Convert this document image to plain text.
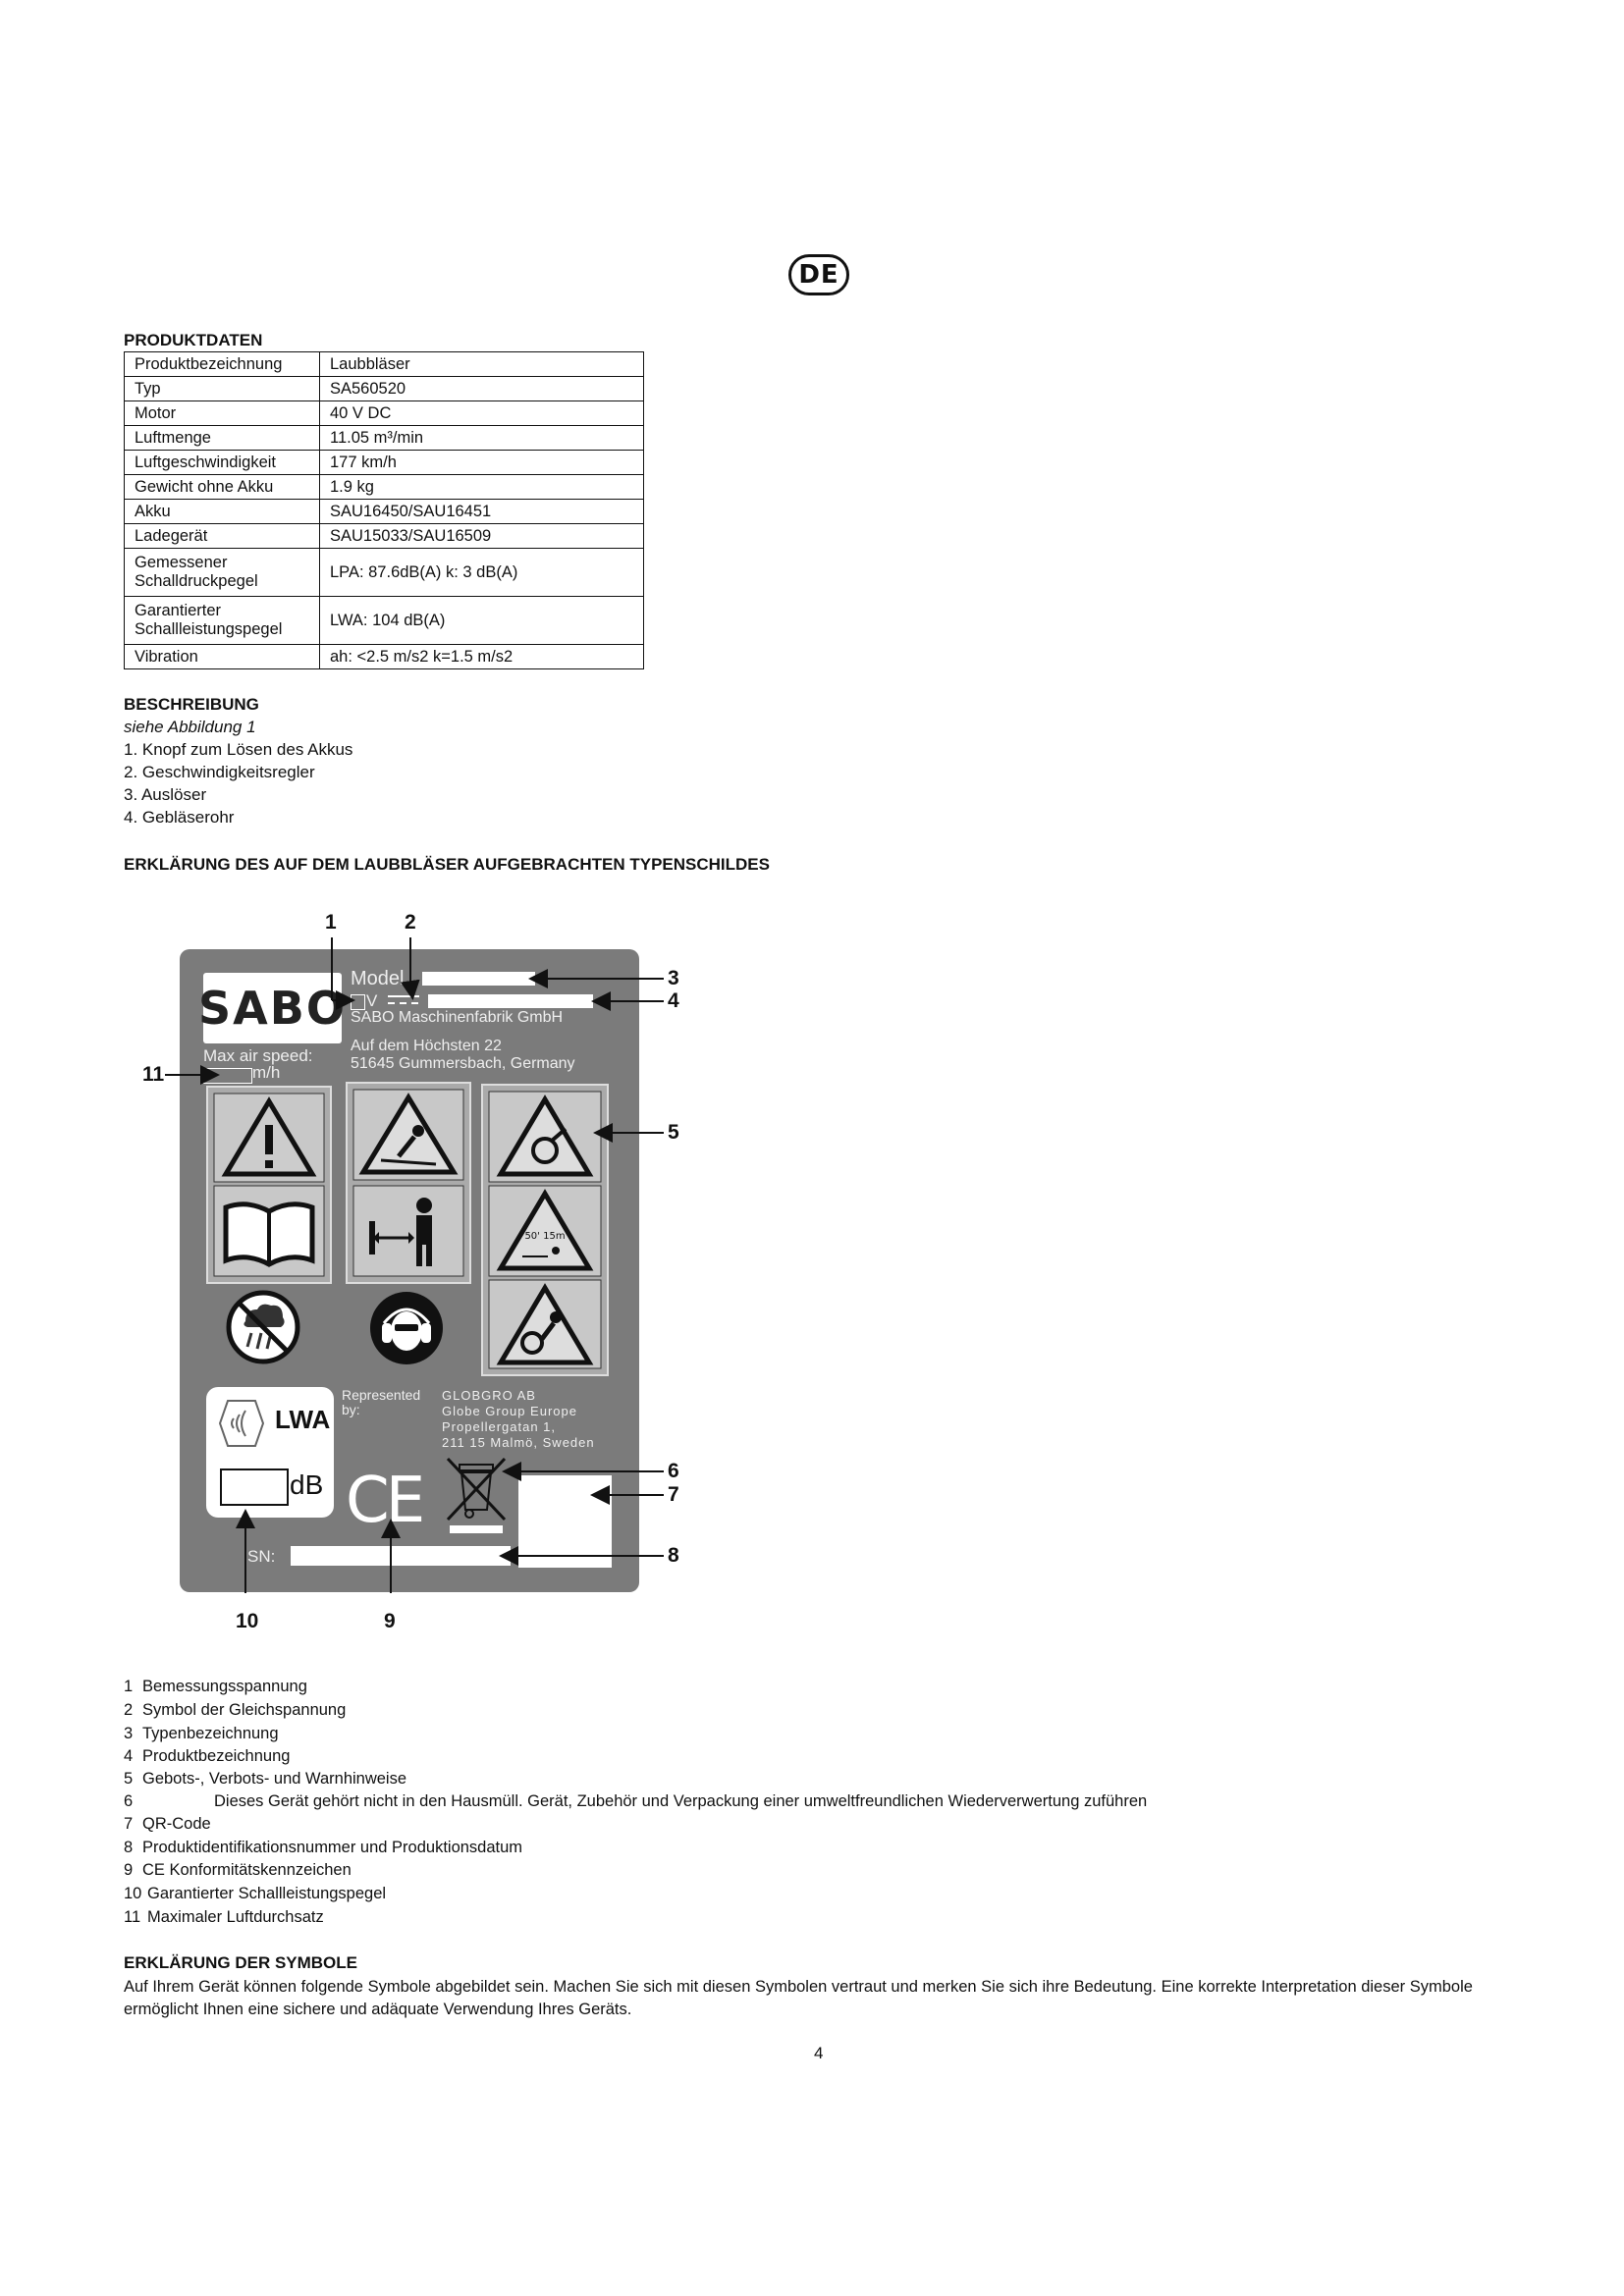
DE
PRODUKTDATEN
Produktbezeichnung	Laubbläser
Typ	SA560520
Motor	40 V DC
Luftmenge	11.05 m³/min
Luftgeschwindigkeit	177 km/h
Gewicht ohne Akku	1.9 kg
Akku	SAU16450/SAU16451
Ladegerät	SAU15033/SAU16509

Gemessener
Schalldruckpegel	LPA: 87.6dB(A) k: 3 dB(A)

Garantierter
Schallleistungspegel	LWA: 104 dB(A)
Vibration	ah: <2.5 m/s2 k=1.5 m/s2
BESCHREIBUNG
siehe Abbildung 1
1. Knopf zum Lösen des Akkus
2. Geschwindigkeitsregler
3. Auslöser
4. Gebläserohr
ERKLÄRUNG DES AUF DEM LAUBBLÄSER AUFGEBRACHTEN TYPENSCHILDES
SABO
Model
V
SABO Maschinenfabrik GmbH
Auf dem Höchsten 22
51645 Gummersbach, Germany
Max air speed:
m/h
50' 15m
LWA
dB
Represented by:
GLOBGRO AB
Globe Group Europe
Propellergatan 1,
211 15 Malmö, Sweden
CE
SN:
1	2
3
4
5
6
7
8
9
10
11
1 Bemessungsspannung
2 Symbol der Gleichspannung
3 Typenbezeichnung
4 Produktbezeichnung
5 Gebots-, Verbots- und Warnhinweise
6	Dieses Gerät gehört nicht in den Hausmüll. Gerät, Zubehör und Verpackung einer umweltfreundlichen Wiederverwertung zuführen
7 QR-Code
8 Produktidentifikationsnummer und Produktionsdatum
9 CE Konformitätskennzeichen
10 Garantierter Schallleistungspegel
11 Maximaler Luftdurchsatz
ERKLÄRUNG DER SYMBOLE
Auf Ihrem Gerät können folgende Symbole abgebildet sein. Machen Sie sich mit diesen Symbolen vertraut und merken Sie sich ihre Bedeutung. Eine korrekte Interpretation dieser Symbole
ermöglicht Ihnen eine sichere und adäquate Verwendung Ihres Geräts.
4
